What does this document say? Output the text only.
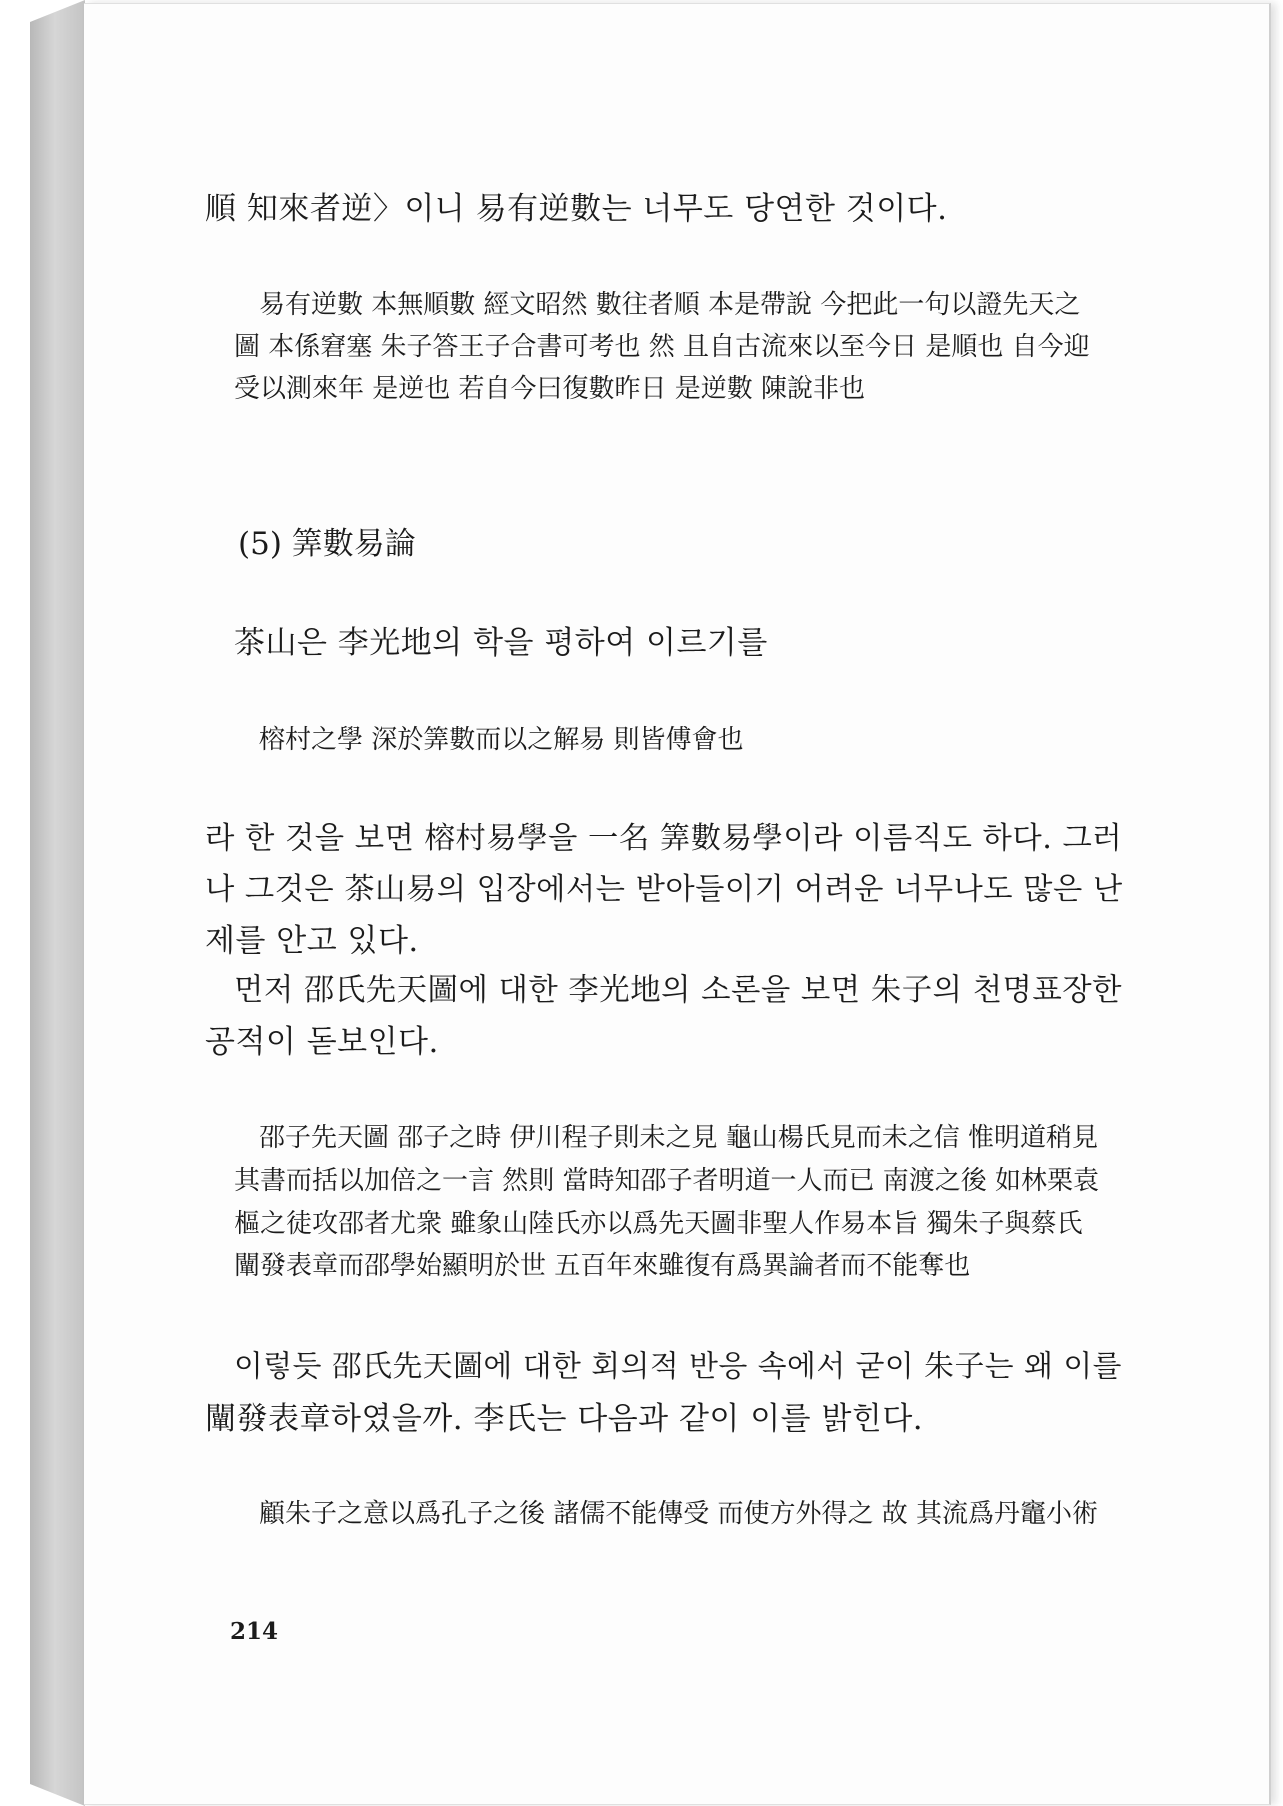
順 知來者逆〉이니 易有逆數는 너무도 당연한 것이다.

易有逆數 本無順數 經文昭然 數往者順 本是帶說 今把此一句以證先天之

圖 本係窘塞 朱子答王子合書可考也 然 且自古流來以至今日 是順也 自今迎

受以測來年 是逆也 若自今曰復數昨日 是逆數 陳說非也

(5) 筭數易論

茶山은 李光地의 학을 평하여 이르기를

榕村之學 深於筭數而以之解易 則皆傅會也

라 한 것을 보면 榕村易學을 一名 筭數易學이라 이름직도 하다. 그러

나 그것은 茶山易의 입장에서는 받아들이기 어려운 너무나도 많은 난

제를 안고 있다.

먼저 邵氏先天圖에 대한 李光地의 소론을 보면 朱子의 천명표장한

공적이 돋보인다.

邵子先天圖 邵子之時 伊川程子則未之見 龜山楊氏見而未之信 惟明道稍見

其書而括以加倍之一言 然則 當時知邵子者明道一人而已 南渡之後 如林栗袁

樞之徒攻邵者尤衆 雖象山陸氏亦以爲先天圖非聖人作易本旨 獨朱子與蔡氏

闡發表章而邵學始顯明於世 五百年來雖復有爲異論者而不能奪也

이렇듯 邵氏先天圖에 대한 회의적 반응 속에서 굳이 朱子는 왜 이를

闡發表章하였을까. 李氏는 다음과 같이 이를 밝힌다.

顧朱子之意以爲孔子之後 諸儒不能傳受 而使方外得之 故 其流爲丹竈小術

214
